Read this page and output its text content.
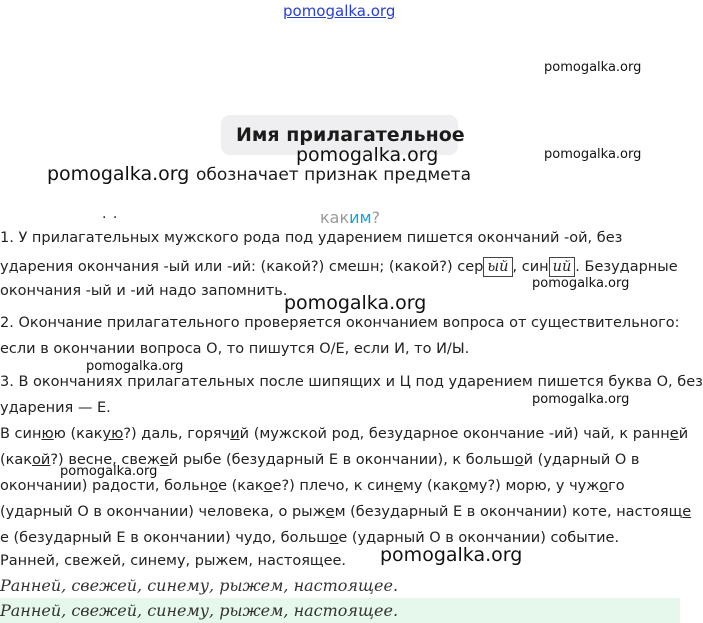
pomogalka.org
pomogalka.org
pomogalka.org
Имя прилагательное
pomogalka.org
pomogalka.org обозначает признак предмета
каким?
· ·
1. У прилагательных мужского рода под ударением пишется окончаний -ой, без
ударения окончания -ый или -ий: (какой?) смешн; (какой?) сер ый , син ий . Безударные
pomogalka.org
окончания -ый и -ий надо запомнить.
pomogalka.org
2. Окончание прилагательного проверяется окончанием вопроса от существительного:
если в окончании вопроса О, то пишутся О/Е, если И, то И/Ы.
pomogalka.org
3. В окончаниях прилагательных после шипящих и Ц под ударением пишется буква О, без
pomogalka.org
ударения — Е.
В синюю (какую?) даль, горячий (мужской род, безударное окончание -ий) чай, к ранней
(какой?) весне, свежей рыбе (безударный Е в окончании), к большой (ударный О в
pomogalka.org
окончании) радости, больное (какое?) плечо, к синему (какому?) морю, у чужого
(ударный О в окончании) человека, о рыжем (безударный Е в окончании) коте, настояще
е (безударный Е в окончании) чудо, большое (ударный О в окончании) событие.
Ранней, свежей, синему, рыжем, настоящее. pomogalka.org
Ранней, свежей, синему, рыжем, настоящее.
Ранней, свежей, синему, рыжем, настоящее.
